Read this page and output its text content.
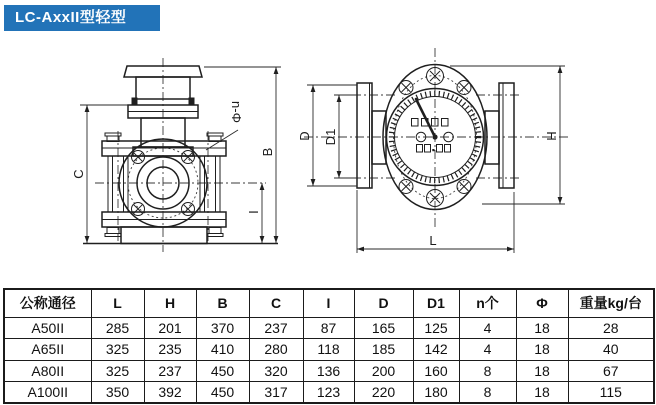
LC-AxxII型轻型
C
B
I
n-Φ
D D1	H
L
公称通径	L	H	B	C	I	D	D1	n个	Φ	重量kg/台
A50II	285	201	370	237	87	165	125	4	18	28
A65II	325	235	410	280	118	185	142	4	18	40
A80II	325	237	450	320	136	200	160	8	18	67
A100II	350	392	450	317	123	220	180	8	18	115
